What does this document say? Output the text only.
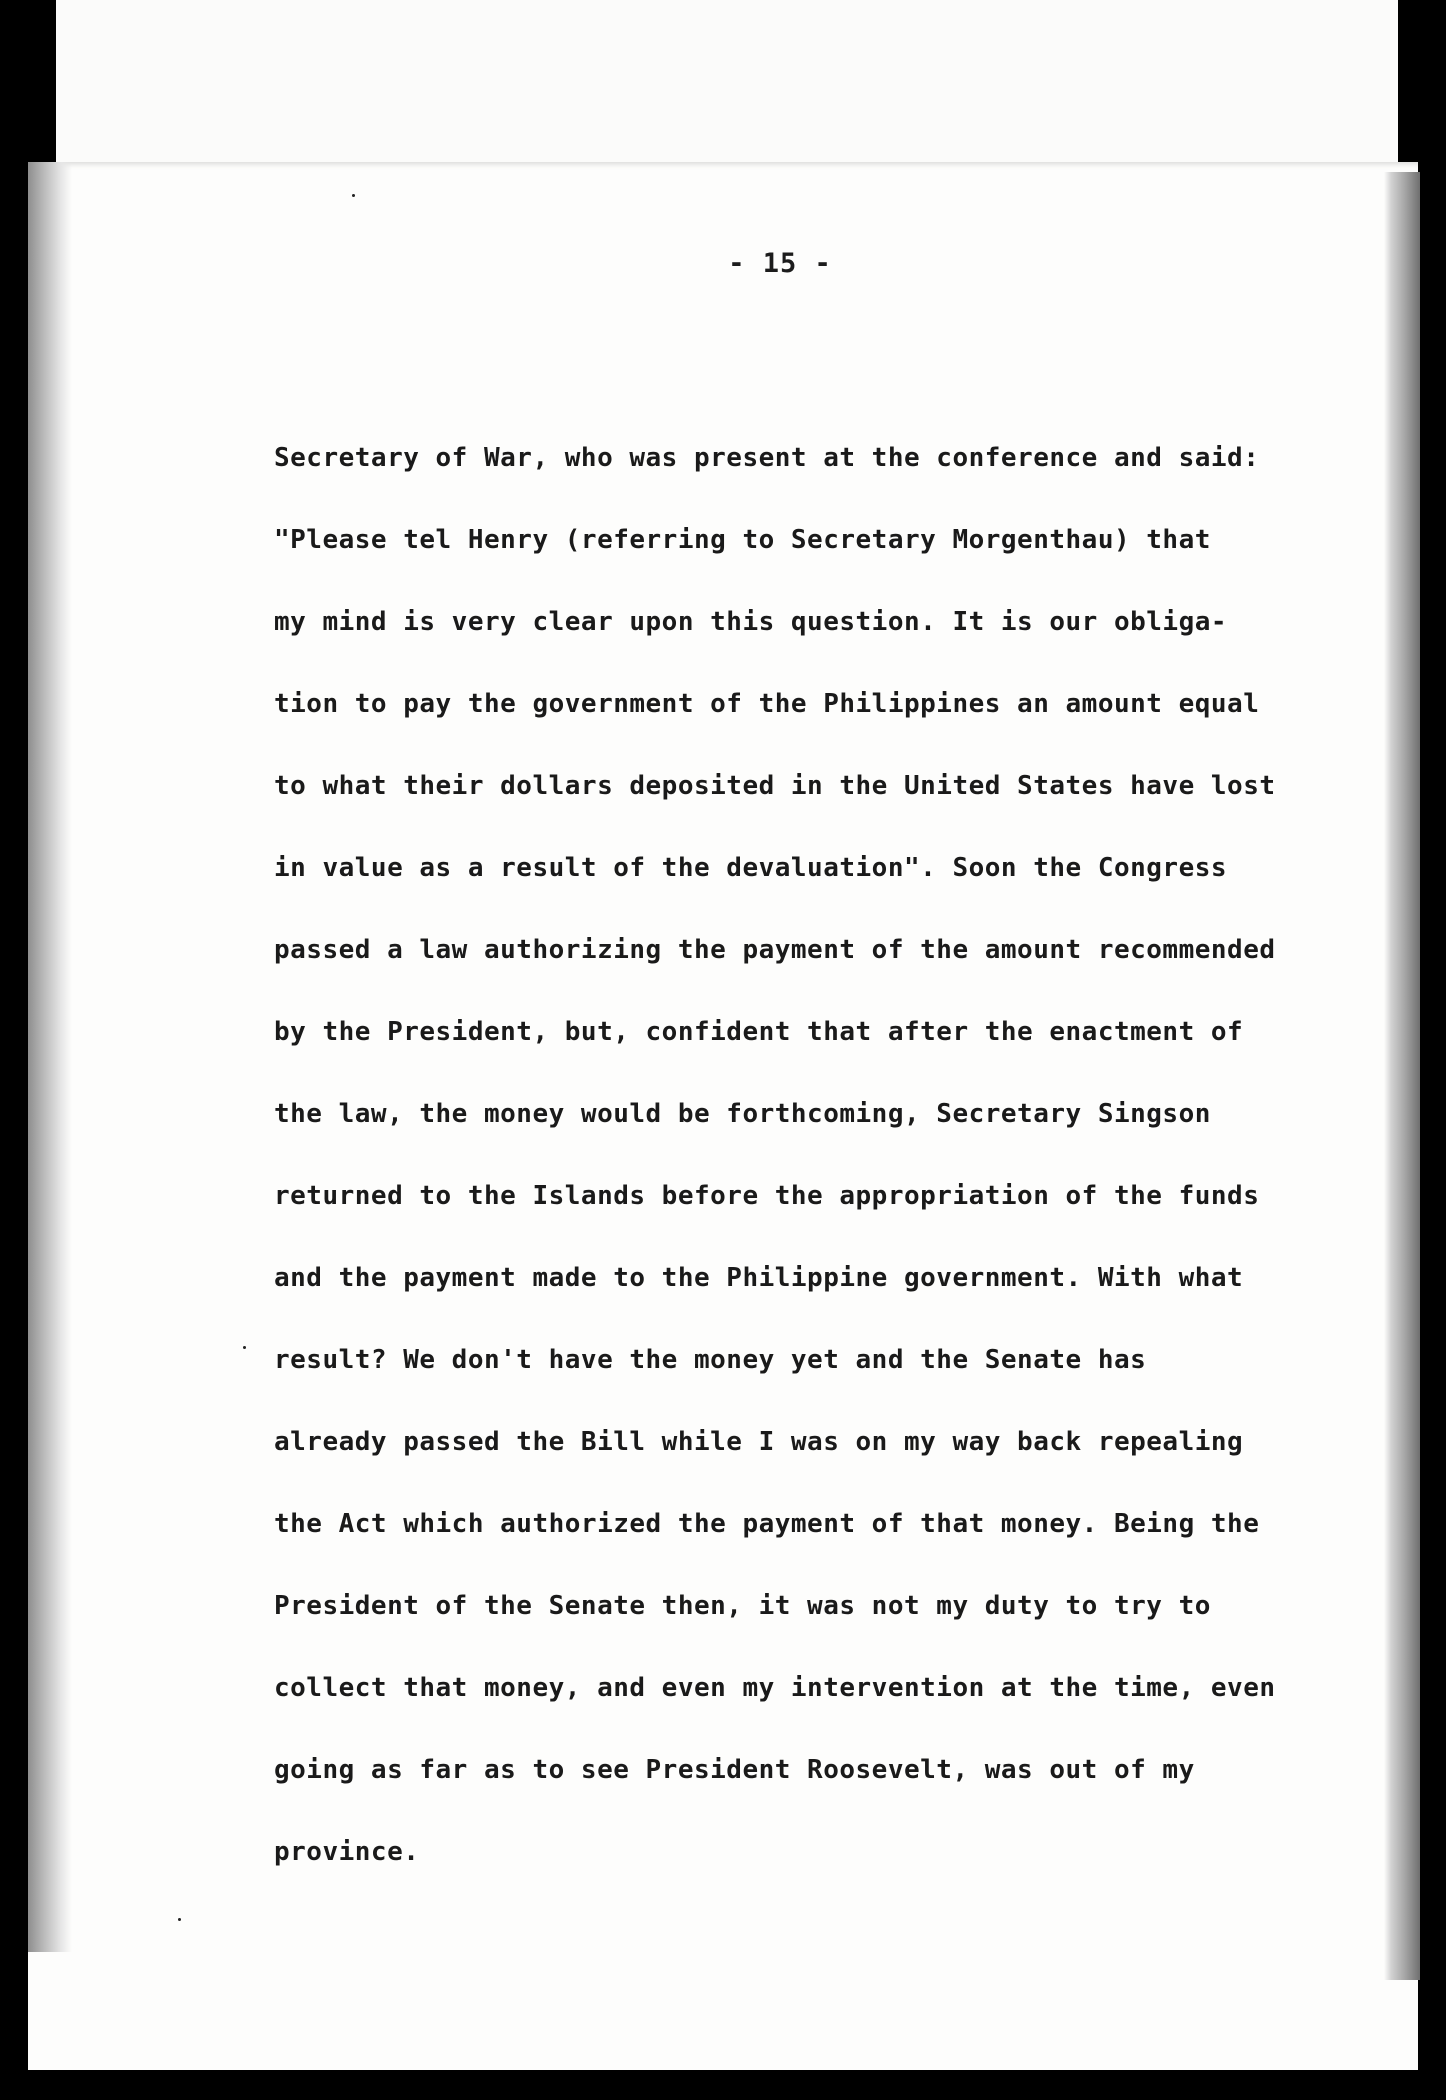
- 15 -
Secretary of War, who was present at the conference and said:
"Please tel Henry (referring to Secretary Morgenthau) that
my mind is very clear upon this question. It is our obliga-
tion to pay the government of the Philippines an amount equal
to what their dollars deposited in the United States have lost
in value as a result of the devaluation". Soon the Congress
passed a law authorizing the payment of the amount recommended
by the President, but, confident that after the enactment of
the law, the money would be forthcoming, Secretary Singson
returned to the Islands before the appropriation of the funds
and the payment made to the Philippine government. With what
result? We don't have the money yet and the Senate has
already passed the Bill while I was on my way back repealing
the Act which authorized the payment of that money. Being the
President of the Senate then, it was not my duty to try to
collect that money, and even my intervention at the time, even
going as far as to see President Roosevelt, was out of my
province.
